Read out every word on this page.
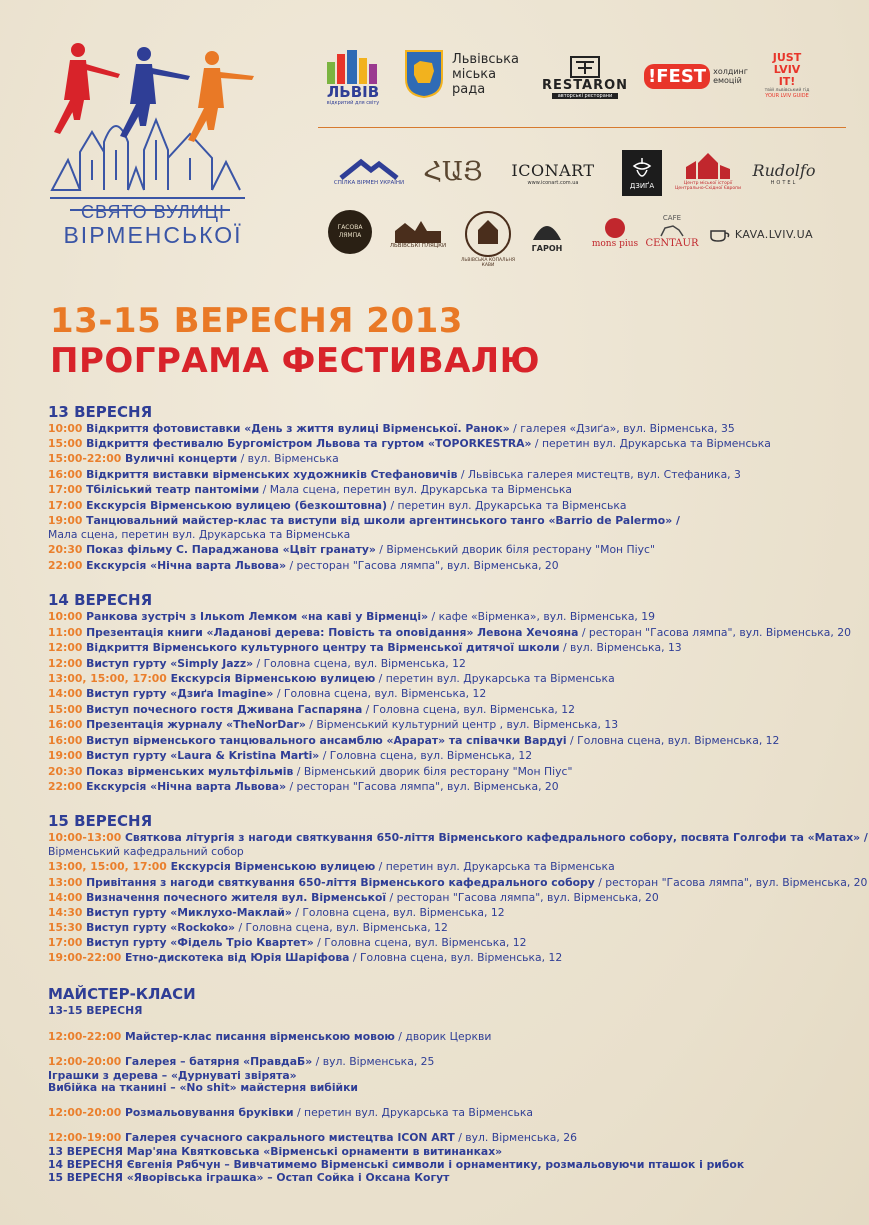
СВЯТО ВУЛИЦІ
ВІРМЕНСЬКОЇ
ЛЬВІВ
відкритий для світу
Львівська
міська
рада	RESTARON
авторські ресторани
!FEST холдинг
емоцій
JUST
LVIV
IT!
твій львівський гід
YOUR LVIV GUIDE
СПІЛКА ВІРМЕН УКРАЇНИ ՀԱՅ ICONART
www.iconart.com.ua	ДЗИҐА	Центр міської історії
Центрально-Східної Європи
Rudolfo
HOTEL
ГАСОВА ЛЯМПА
ЛЬВІВСЬКІ ПЛЯЦКИ
ЛЬВІВСЬКА КОПАЛЬНЯ КАВИ
ГАРОН	mons pius
CAFE
CENTAUR
KAVA.LVIV.UA
13-15 ВЕРЕСНЯ 2013
ПРОГРАМА ФЕСТИВАЛЮ
13 ВЕРЕСНЯ
10:00 Відкриття фотовиставки «День з життя вулиці Вірменської. Ранок» / галерея «Дзиґа», вул. Вірменська, 35
15:00 Відкриття фестивалю Бургомістром Львова та гуртом «TOPORKESTRA» / перетин вул. Друкарська та Вірменська
15:00-22:00 Вуличні концерти / вул. Вірменська
16:00 Відкриття виставки вірменських художників Стефановичів / Львівська галерея мистецтв, вул. Стефаника, 3
17:00 Тбіліський театр пантоміми / Мала сцена, перетин вул. Друкарська та Вірменська
17:00 Екскурсія Вірменською вулицею (безкоштовна) / перетин вул. Друкарська та Вірменська
19:00 Танцювальний майстер-клас та виступи від школи аргентинського танго «Barrio de Palermo» /
Мала сцена, перетин вул. Друкарська та Вірменська
20:30 Показ фільму С. Параджанова «Цвіт гранату» / Вірменський дворик біля ресторану "Мон Піус"
22:00 Екскурсія «Нічна варта Львова» / ресторан "Гасова лямпа", вул. Вірменська, 20
14 ВЕРЕСНЯ
10:00 Ранкова зустріч з Ількоm Лемком «на каві у Вірменці» / кафе «Вірменка», вул. Вірменська, 19
11:00 Презентація книги «Ладанові дерева: Повість та оповідання» Левона Хечояна / ресторан "Гасова лямпа", вул. Вірменська, 20
12:00 Відкриття Вірменського культурного центру та Вірменської дитячої школи / вул. Вірменська, 13
12:00 Виступ гурту «Simply Jazz» / Головна сцена, вул. Вірменська, 12
13:00, 15:00, 17:00 Екскурсія Вірменською вулицею / перетин вул. Друкарська та Вірменська
14:00 Виступ гурту «Дзиґа Imagine» / Головна сцена, вул. Вірменська, 12
15:00 Виступ почесного гостя Дживана Гаспаряна / Головна сцена, вул. Вірменська, 12
16:00 Презентація журналу «TheNorDar» / Вірменський культурний центр , вул. Вірменська, 13
16:00 Виступ вірменського танцювального ансамблю «Арарат» та співачки Вардуі / Головна сцена, вул. Вірменська, 12
19:00 Виступ гурту «Laura & Kristina Marti» / Головна сцена, вул. Вірменська, 12
20:30 Показ вірменських мультфільмів / Вірменський дворик біля ресторану "Мон Піус"
22:00 Екскурсія «Нічна варта Львова» / ресторан "Гасова лямпа", вул. Вірменська, 20
15 ВЕРЕСНЯ
10:00-13:00 Святкова літургія з нагоди святкування 650-ліття Вірменського кафедрального собору, посвята Голгофи та «Матах» /
Вірменський кафедральний собор
13:00, 15:00, 17:00 Екскурсія Вірменською вулицею / перетин вул. Друкарська та Вірменська
13:00 Привітання з нагоди святкування 650-ліття Вірменського кафедрального собору / ресторан "Гасова лямпа", вул. Вірменська, 20
14:00 Визначення почесного жителя вул. Вірменської / ресторан "Гасова лямпа", вул. Вірменська, 20
14:30 Виступ гурту «Миклухо-Маклай» / Головна сцена, вул. Вірменська, 12
15:30 Виступ гурту «Rockoko» / Головна сцена, вул. Вірменська, 12
17:00 Виступ гурту «Фідель Тріо Квартет» / Головна сцена, вул. Вірменська, 12
19:00-22:00 Етно-дискотека від Юрія Шаріфова / Головна сцена, вул. Вірменська, 12
МАЙСТЕР-КЛАСИ
13-15 ВЕРЕСНЯ
12:00-22:00 Майстер-клас писання вірменською мовою / дворик Церкви
12:00-20:00 Галерея – батярня «ПравдаБ» / вул. Вірменська, 25
Іграшки з дерева – «Дурнуваті звірята»
Вибійка на тканині – «No shit» майстерня вибійки
12:00-20:00 Розмальовування бруківки / перетин вул. Друкарська та Вірменська
12:00-19:00 Галерея сучасного сакрального мистецтва ICON ART / вул. Вірменська, 26
13 ВЕРЕСНЯ Мар'яна Квятковська «Вірменські орнаменти в витинанках»
14 ВЕРЕСНЯ Євгенія Рябчун – Вивчатимемо Вірменські символи і орнаментику, розмальовуючи пташок і рибок
15 ВЕРЕСНЯ «Яворівська іграшка» – Остап Сойка і Оксана Когут
